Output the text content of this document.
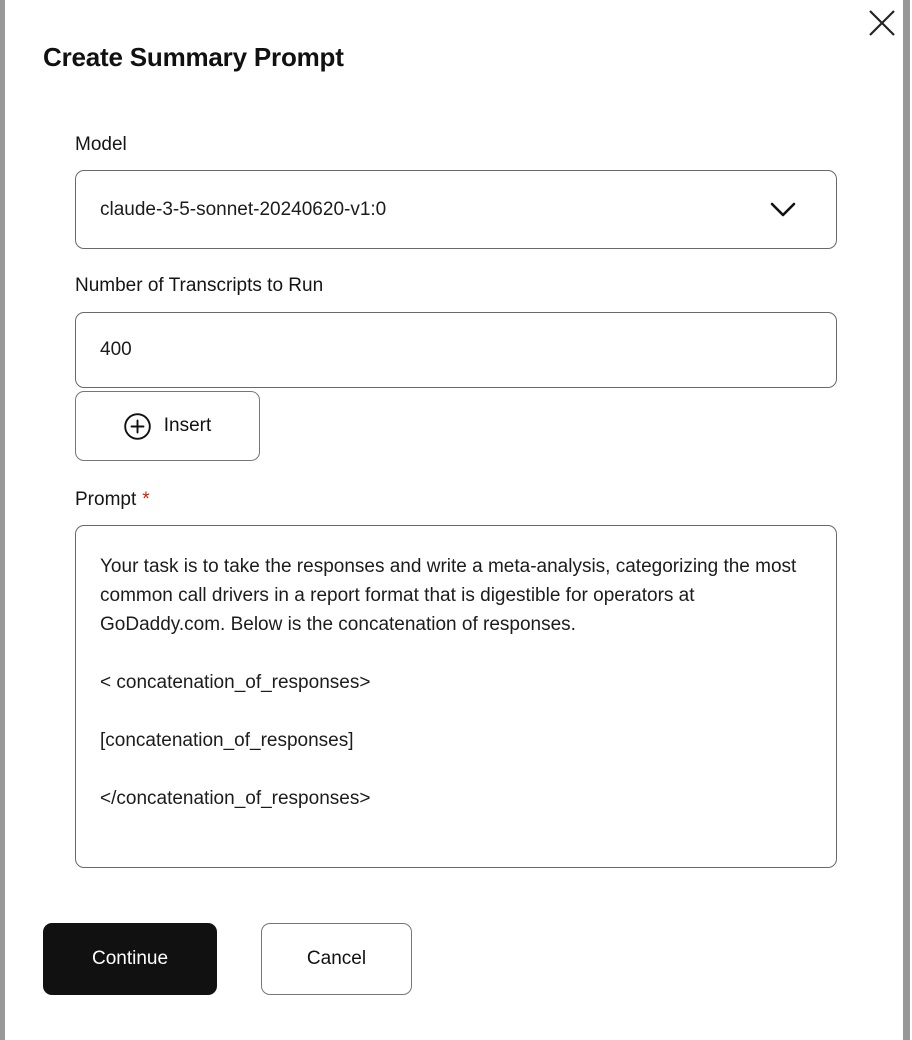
Create Summary Prompt
Model
claude-3-5-sonnet-20240620-v1:0
Number of Transcripts to Run
400
Insert
Prompt *
Your task is to take the responses and write a meta-analysis, categorizing the most common call drivers in a report format that is digestible for operators at GoDaddy.com. Below is the concatenation of responses. < concatenation_of_responses> [concatenation_of_responses] </concatenation_of_responses>
Continue	Cancel
